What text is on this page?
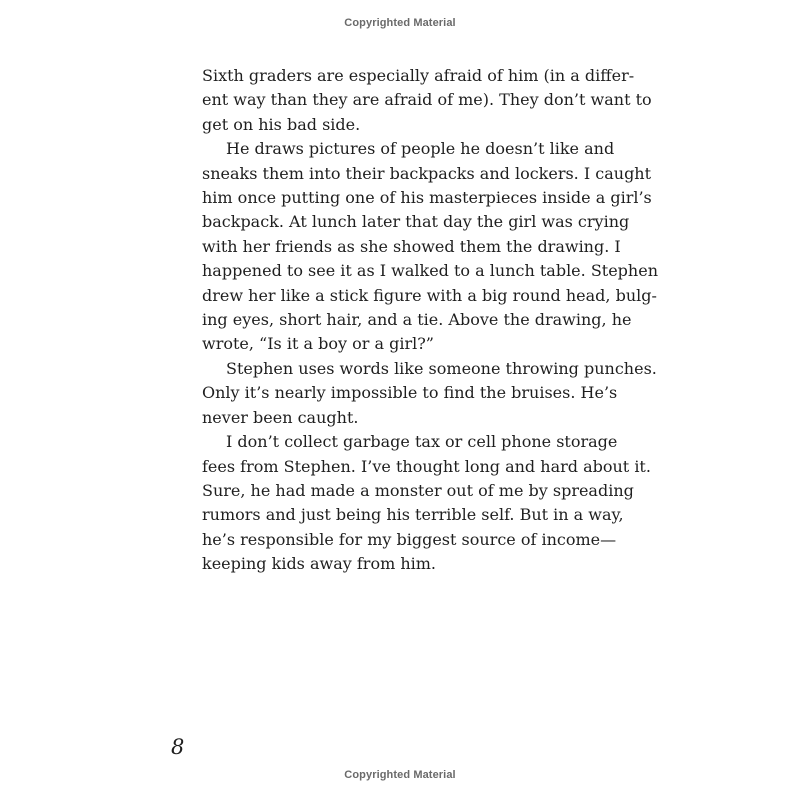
Copyrighted Material

Sixth graders are especially afraid of him (in a differ-
ent way than they are afraid of me). They don’t want to
get on his bad side.

He draws pictures of people he doesn’t like and
sneaks them into their backpacks and lockers. I caught
him once putting one of his masterpieces inside a girl’s
backpack. At lunch later that day the girl was crying
with her friends as she showed them the drawing. I
happened to see it as I walked to a lunch table. Stephen
drew her like a stick figure with a big round head, bulg-
ing eyes, short hair, and a tie. Above the drawing, he
wrote, “Is it a boy or a girl?”

Stephen uses words like someone throwing punches.
Only it’s nearly impossible to find the bruises. He’s
never been caught.

I don’t collect garbage tax or cell phone storage
fees from Stephen. I’ve thought long and hard about it.
Sure, he had made a monster out of me by spreading
rumors and just being his terrible self. But in a way,
he’s responsible for my biggest source of income—
keeping kids away from him.

8
Copyrighted Material
